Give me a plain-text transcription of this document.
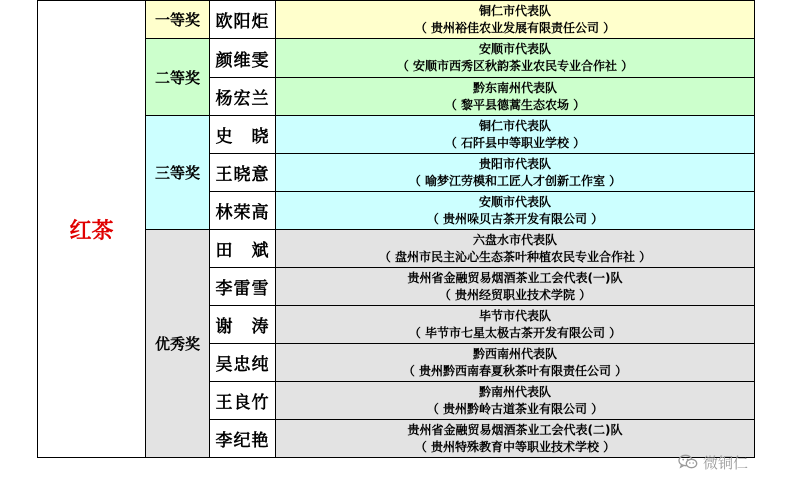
红茶	一等奖	欧阳炬	铜仁市代表队
（ 贵州裕佳农业发展有限责任公司 ）

	二等奖	颜维雯	安顺市代表队
（ 安顺市西秀区秋韵茶业农民专业合作社 ）

		杨宏兰	黔东南州代表队
（ 黎平县德蒿生态农场 ）

	三等奖	史　晓	铜仁市代表队
（ 石阡县中等职业学校 ）

		王晓意	贵阳市代表队
（ 喻梦江劳模和工匠人才创新工作室 ）

		林荣高	安顺市代表队
（ 贵州哚贝古茶开发有限公司 ）

	优秀奖	田　斌	六盘水市代表队
（ 盘州市民主沁心生态茶叶种植农民专业合作社 ）

		李雷雪	贵州省金融贸易烟酒茶业工会代表(一)队
（ 贵州经贸职业技术学院 ）

		谢　涛	毕节市代表队
（ 毕节市七星太极古茶开发有限公司 ）

		吴忠纯	黔西南州代表队
（ 贵州黔西南春夏秋茶叶有限责任公司 ）

		王良竹	黔南州代表队
（ 贵州黔岭古道茶业有限公司 ）

		李纪艳	贵州省金融贸易烟酒茶业工会代表(二)队
（ 贵州特殊教育中等职业技术学校 ）
微铜仁
